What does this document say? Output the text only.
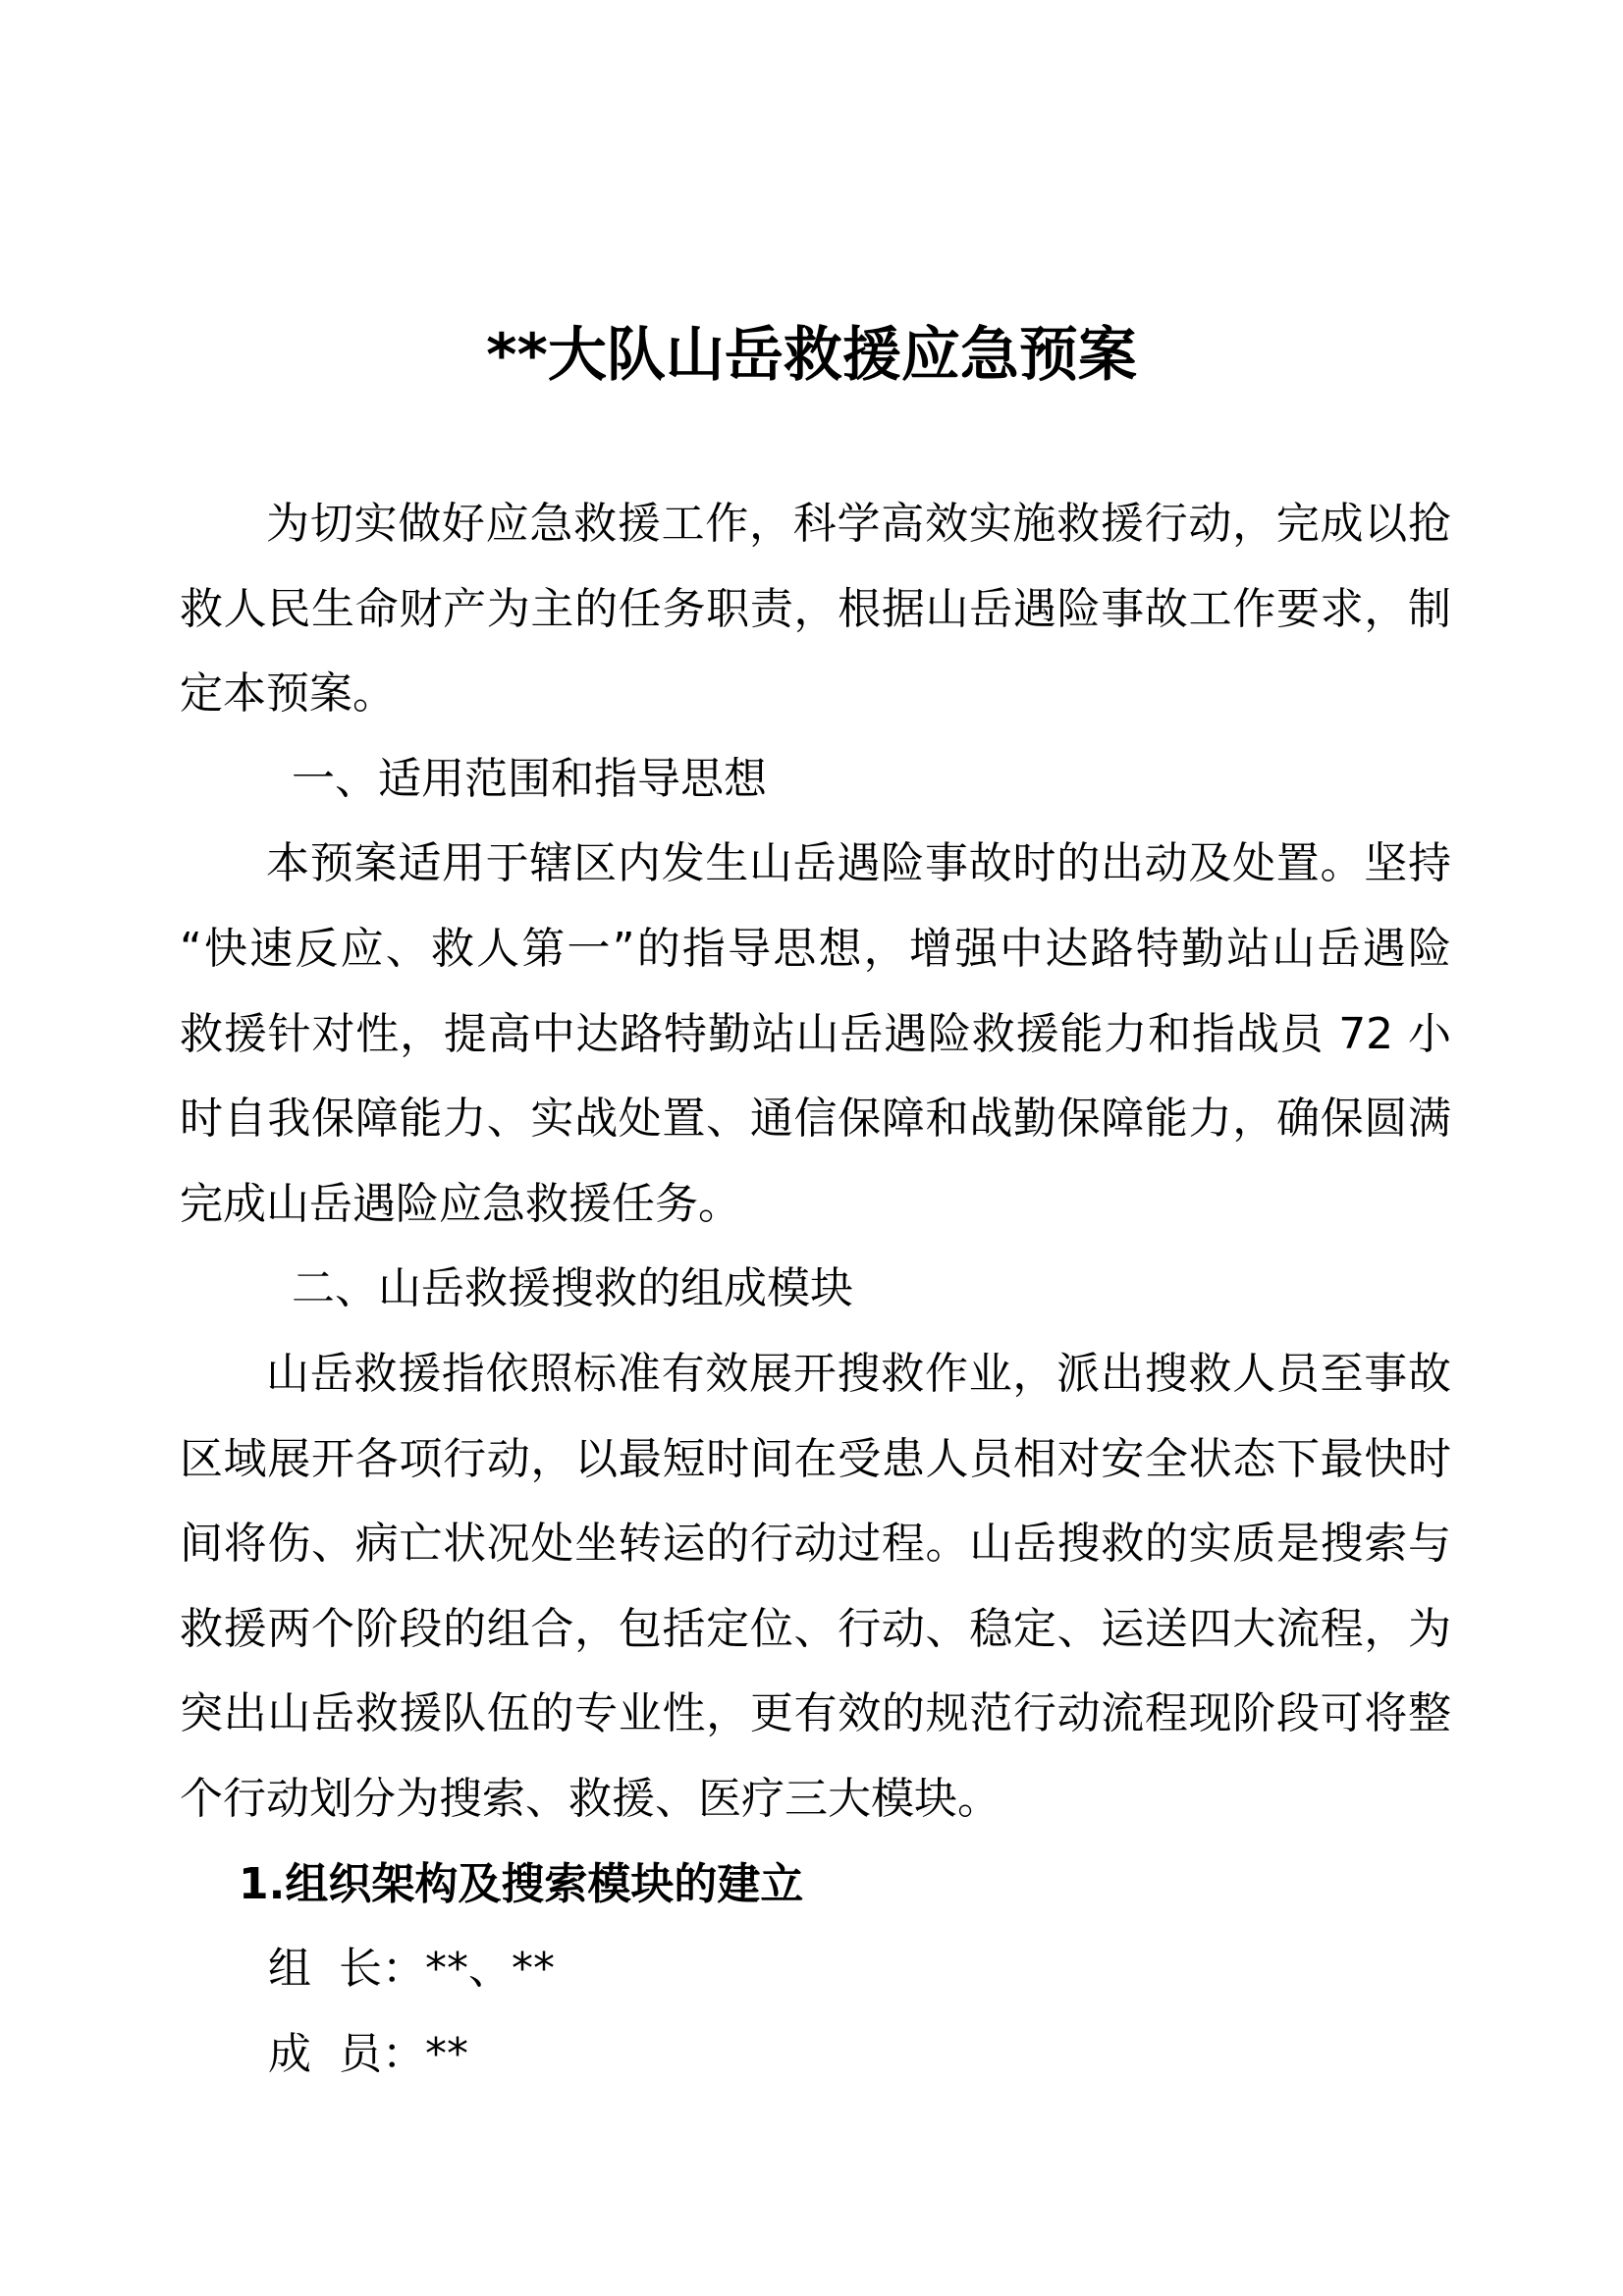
**大队山岳救援应急预案
为切实做好应急救援工作，科学高效实施救援行动，完成以抢
救人民生命财产为主的任务职责，根据山岳遇险事故工作要求，制
定本预案。
一、适用范围和指导思想
本预案适用于辖区内发生山岳遇险事故时的出动及处置。坚持
“快速反应、救人第一”的指导思想，增强中达路特勤站山岳遇险
救援针对性，提高中达路特勤站山岳遇险救援能力和指战员 72 小
时自我保障能力、实战处置、通信保障和战勤保障能力，确保圆满
完成山岳遇险应急救援任务。
二、山岳救援搜救的组成模块
山岳救援指依照标准有效展开搜救作业，派出搜救人员至事故
区域展开各项行动，以最短时间在受患人员相对安全状态下最快时
间将伤、病亡状况处坐转运的行动过程。山岳搜救的实质是搜索与
救援两个阶段的组合，包括定位、行动、稳定、运送四大流程，为
突出山岳救援队伍的专业性，更有效的规范行动流程现阶段可将整
个行动划分为搜索、救援、医疗三大模块。
1.组织架构及搜索模块的建立
组  长：**、**
成  员：**
